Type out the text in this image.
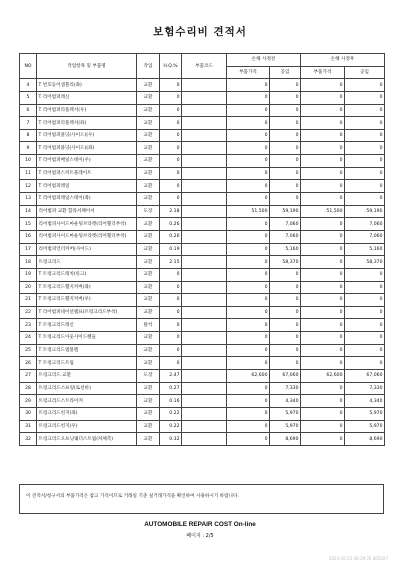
보험수리비 견적서
NO	작업항목 및 부품명	작업	H.Q.%	부품코드	손해 사정전		손해 사정후	
					부품가격	공임	부품가격	공임
4	T 번호등어셈블리(좌)	교환	0		0	0	0	0
5	T 리어범퍼레신	교환	0		0	0	0	0
6	T 리어범퍼리플렉서(우)	교환	0		0	0	0	0
7	T 리어범퍼리플렉서(좌)	교환	0		0	0	0	0
8	T 리어범퍼몰딩(사이드)(우)	교환	0		0	0	0	0
9	T 리어범퍼몰딩(사이드)(좌)	교환	0		0	0	0	0
10	T 리어범퍼베일스테이(우)	교환	0		0	0	0	0
11	T 리어범퍼스커트플레이트	교환	0		0	0	0	0
12	T 리어범퍼레일	교환	0		0	0	0	0
13	T 리어범퍼레일스테이(좌)	교환	0		0	0	0	0
14	리어범퍼 교환 합라서페이서	도장	2.18		51,500	59,190	51,500	59,190
15	리어범퍼사이드마운팅브라켓(리어휀더부착)	교환	0.26		0	7,060	0	7,060
16	리어범퍼사이드마운팅브라켓(리어휀더부착)	교환	0.26		0	7,060	0	7,060
17	리어범퍼언더커버(사이드)	교환	0.19		0	5,160	0	5,160
18	트렁크리드	교환	2.15		0	58,370	0	58,370
19	T 트렁크리드래치(록크)	교환	0		0	0	0	0
20	T 트렁크리드휀지커버(좌)	교환	0		0	0	0	0
21	T 트렁크리드휀지커버(우)	교환	0		0	0	0	0
22	T 리어범퍼네이션램프(트렁크리드부착)	교환	0		0	0	0	0
23	T 트렁크리드레신	탈착	0		0	0	0	0
24	T 트렁크리드아웃사이드핸들	교환	0		0	0	0	0
25	T 트렁크리드엠블렘	교환	0		0	0	0	0
26	T 트렁크리드트림	교환	0		0	0	0	0
27	트렁크리드 교환	도장	2.47		62,600	67,060	62,600	67,060
28	트렁크리드스프링(토션바)	교환	0.27		0	7,330	0	7,330
29	트렁크리드스트라이커	교환	0.16		0	4,340	0	4,340
30	트렁크리드힌지(좌)	교환	0.22		0	5,970	0	5,970
31	트렁크리드힌지(우)	교환	0.22		0	5,970	0	5,970
32	트렁크리드오프닝웨더스트립(차체측)	교환	0.32		0	8,690	0	8,690
이 견적서/청구서의 부품가격은 참고 가격이므로 거래일 기준 실거래가격을 확인하여 사용하시기 바랍니다.
AUTOMOBILE REPAIR COST On-line
페이지 : 2/5
2023-10-15 00:19:35 805027
